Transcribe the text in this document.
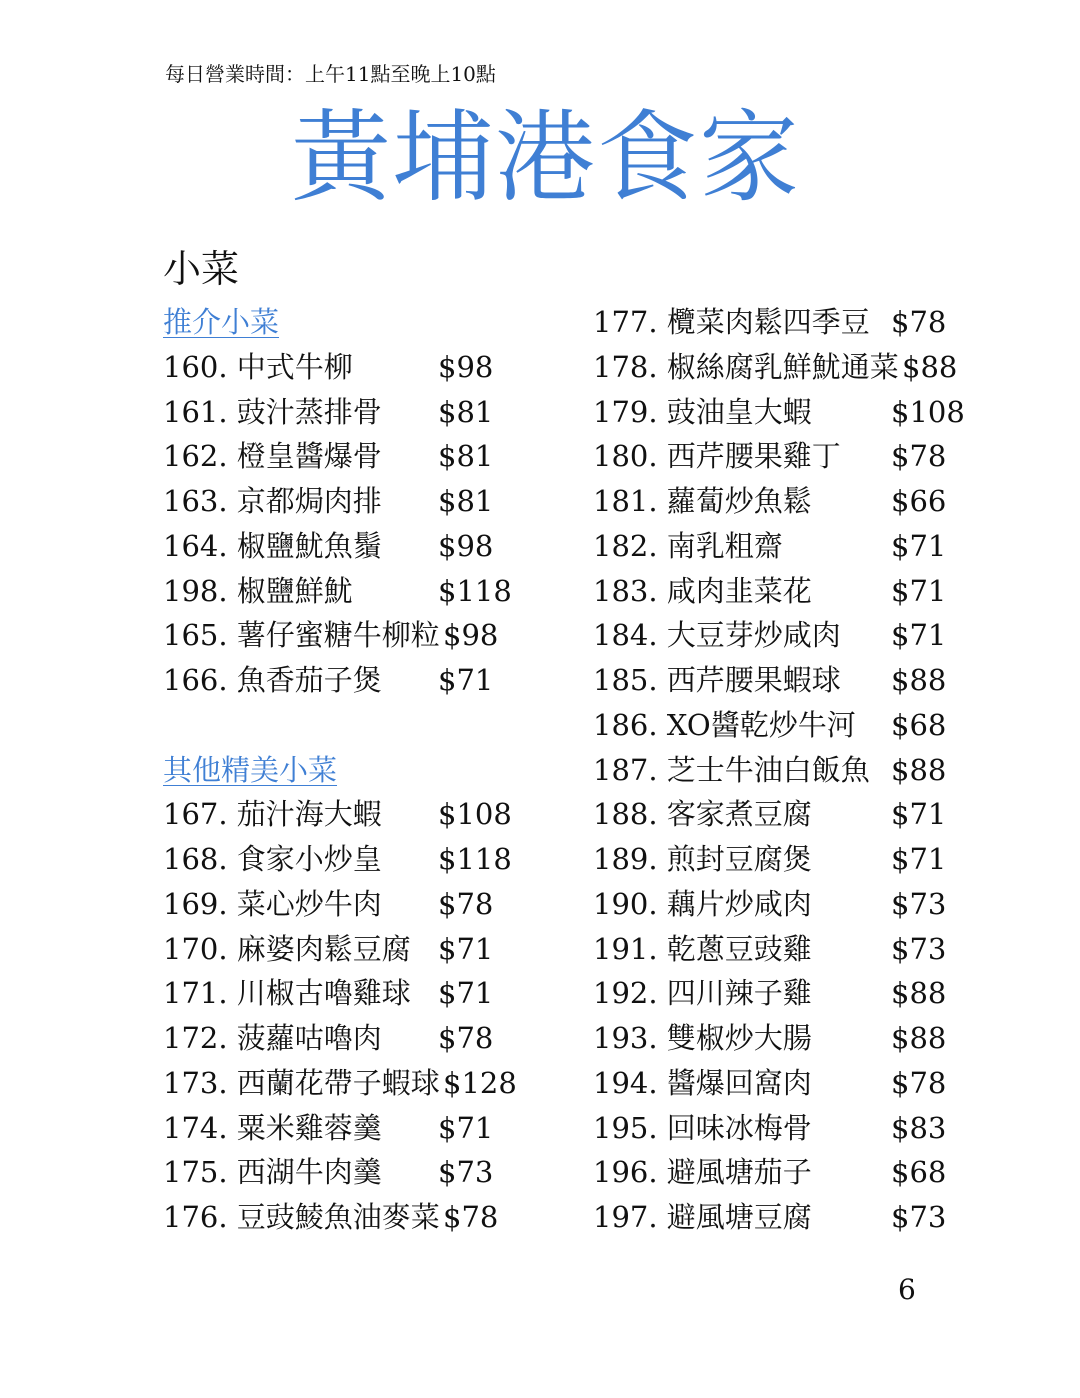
每日營業時間：上午11點至晚上10點
黃埔港食家
小菜
推介小菜
160. 中式牛柳	$98
161. 豉汁蒸排骨 $81
162. 橙皇醬爆骨 $81
163. 京都焗肉排 $81
164. 椒鹽魷魚鬚 $98
198. 椒鹽鮮魷	$118
165. 薯仔蜜糖牛柳粒 $98
166. 魚香茄子煲 $71
其他精美小菜
167. 茄汁海大蝦 $108
168. 食家小炒皇 $118
169. 菜心炒牛肉 $78
170. 麻婆肉鬆豆腐 $71
171. 川椒古嚕雞球 $71
172. 菠蘿咕嚕肉 $78
173. 西蘭花帶子蝦球 $128
174. 粟米雞蓉羹 $71
175. 西湖牛肉羹 $73
176. 豆豉鯪魚油麥菜 $78
177. 欖菜肉鬆四季豆 $78
178. 椒絲腐乳鮮魷通菜 $88
179. 豉油皇大蝦	$108
180. 西芹腰果雞丁 $78
181. 蘿蔔炒魚鬆	$66
182. 南乳粗齋	$71
183. 咸肉韭菜花	$71
184. 大豆芽炒咸肉 $71
185. 西芹腰果蝦球 $88
186. XO醬乾炒牛河 $68
187. 芝士牛油白飯魚 $88
188. 客家煮豆腐	$71
189. 煎封豆腐煲	$71
190. 藕片炒咸肉	$73
191. 乾蔥豆豉雞	$73
192. 四川辣子雞	$88
193. 雙椒炒大腸	$88
194. 醬爆回窩肉	$78
195. 回味冰梅骨	$83
196. 避風塘茄子	$68
197. 避風塘豆腐	$73
6
